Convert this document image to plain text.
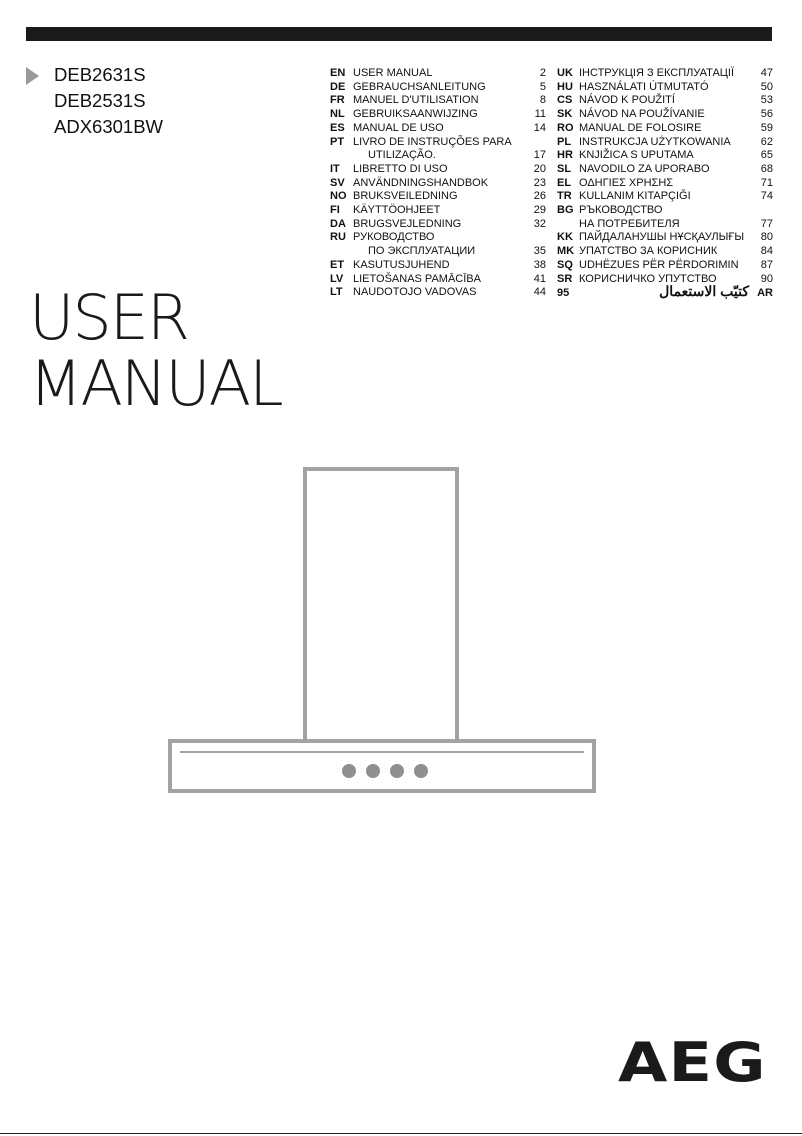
DEB2631S
DEB2531S
ADX6301BW
USER
MANUAL
EN USER MANUAL	2
DE GEBRAUCHSANLEITUNG	5
FR MANUEL D'UTILISATION	8
NL GEBRUIKSAANWIJZING	11
ES MANUAL DE USO	14
PT LIVRO DE INSTRUÇÕES PARA
UTILIZAÇÃO.	17
IT LIBRETTO DI USO	20
SV ANVÄNDNINGSHANDBOK	23
NO BRUKSVEILEDNING	26
FI KÄYTTÖOHJEET	29
DA BRUGSVEJLEDNING	32
RU РУКОВОДСТВО
ПО ЭКСПЛУАТАЦИИ	35
ET KASUTUSJUHEND	38
LV LIETOŠANAS PAMĀCĪBA	41
LT NAUDOTOJO VADOVAS	44
UK ІНСТРУКЦІЯ З ЕКСПЛУАТАЦІЇ 47
HU HASZNÁLATI ÚTMUTATÓ	50
CS NÁVOD K POUŽITÍ	53
SK NÁVOD NA POUŽÍVANIE	56
RO MANUAL DE FOLOSIRE	59
PL INSTRUKCJA UŻYTKOWANIA	62
HR KNJIŽICA S UPUTAMA	65
SL NAVODILO ZA UPORABO	68
EL ΟΔΗΓΙΕΣ ΧΡΗΣΗΣ	71
TR KULLANIM KITAPÇIĞI	74
BG РЪКОВОДСТВО
НА ПОТРЕБИТЕЛЯ	77
KK ПАЙДАЛАНУШЫ НҰСҚАУЛЫҒЫ 80
MK УПАТСТВО ЗА КОРИСНИК	84
SQ UDHËZUES PËR PËRDORIMIN 87
SR КОРИСНИЧКО УПУТСТВО	90
95	كتيّب الاستعمال AR
AEG
